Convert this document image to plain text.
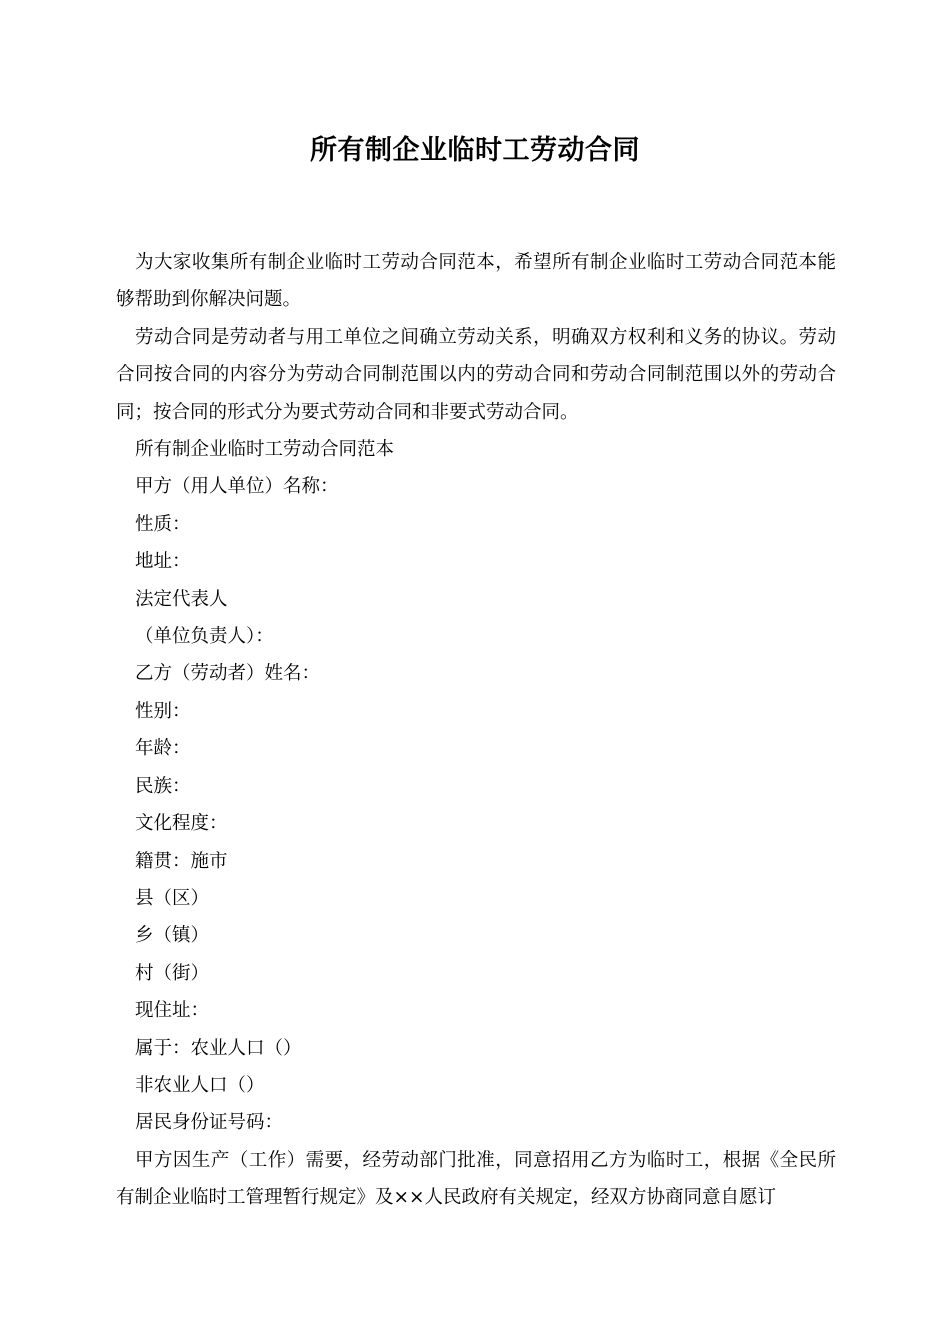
所有制企业临时工劳动合同

为大家收集所有制企业临时工劳动合同范本，希望所有制企业临时工劳动合同范本能够帮助到你解决问题。

劳动合同是劳动者与用工单位之间确立劳动关系，明确双方权利和义务的协议。劳动合同按合同的内容分为劳动合同制范围以内的劳动合同和劳动合同制范围以外的劳动合同；按合同的形式分为要式劳动合同和非要式劳动合同。

所有制企业临时工劳动合同范本

甲方（用人单位）名称：

性质：

地址：

法定代表人

（单位负责人）：

乙方（劳动者）姓名：

性别：

年龄：

民族：

文化程度：

籍贯：施市

县（区）

乡（镇）

村（街）

现住址：

属于：农业人口（）

非农业人口（）

居民身份证号码：

甲方因生产（工作）需要，经劳动部门批准，同意招用乙方为临时工，根据《全民所有制企业临时工管理暂行规定》及××人民政府有关规定，经双方协商同意自愿订
